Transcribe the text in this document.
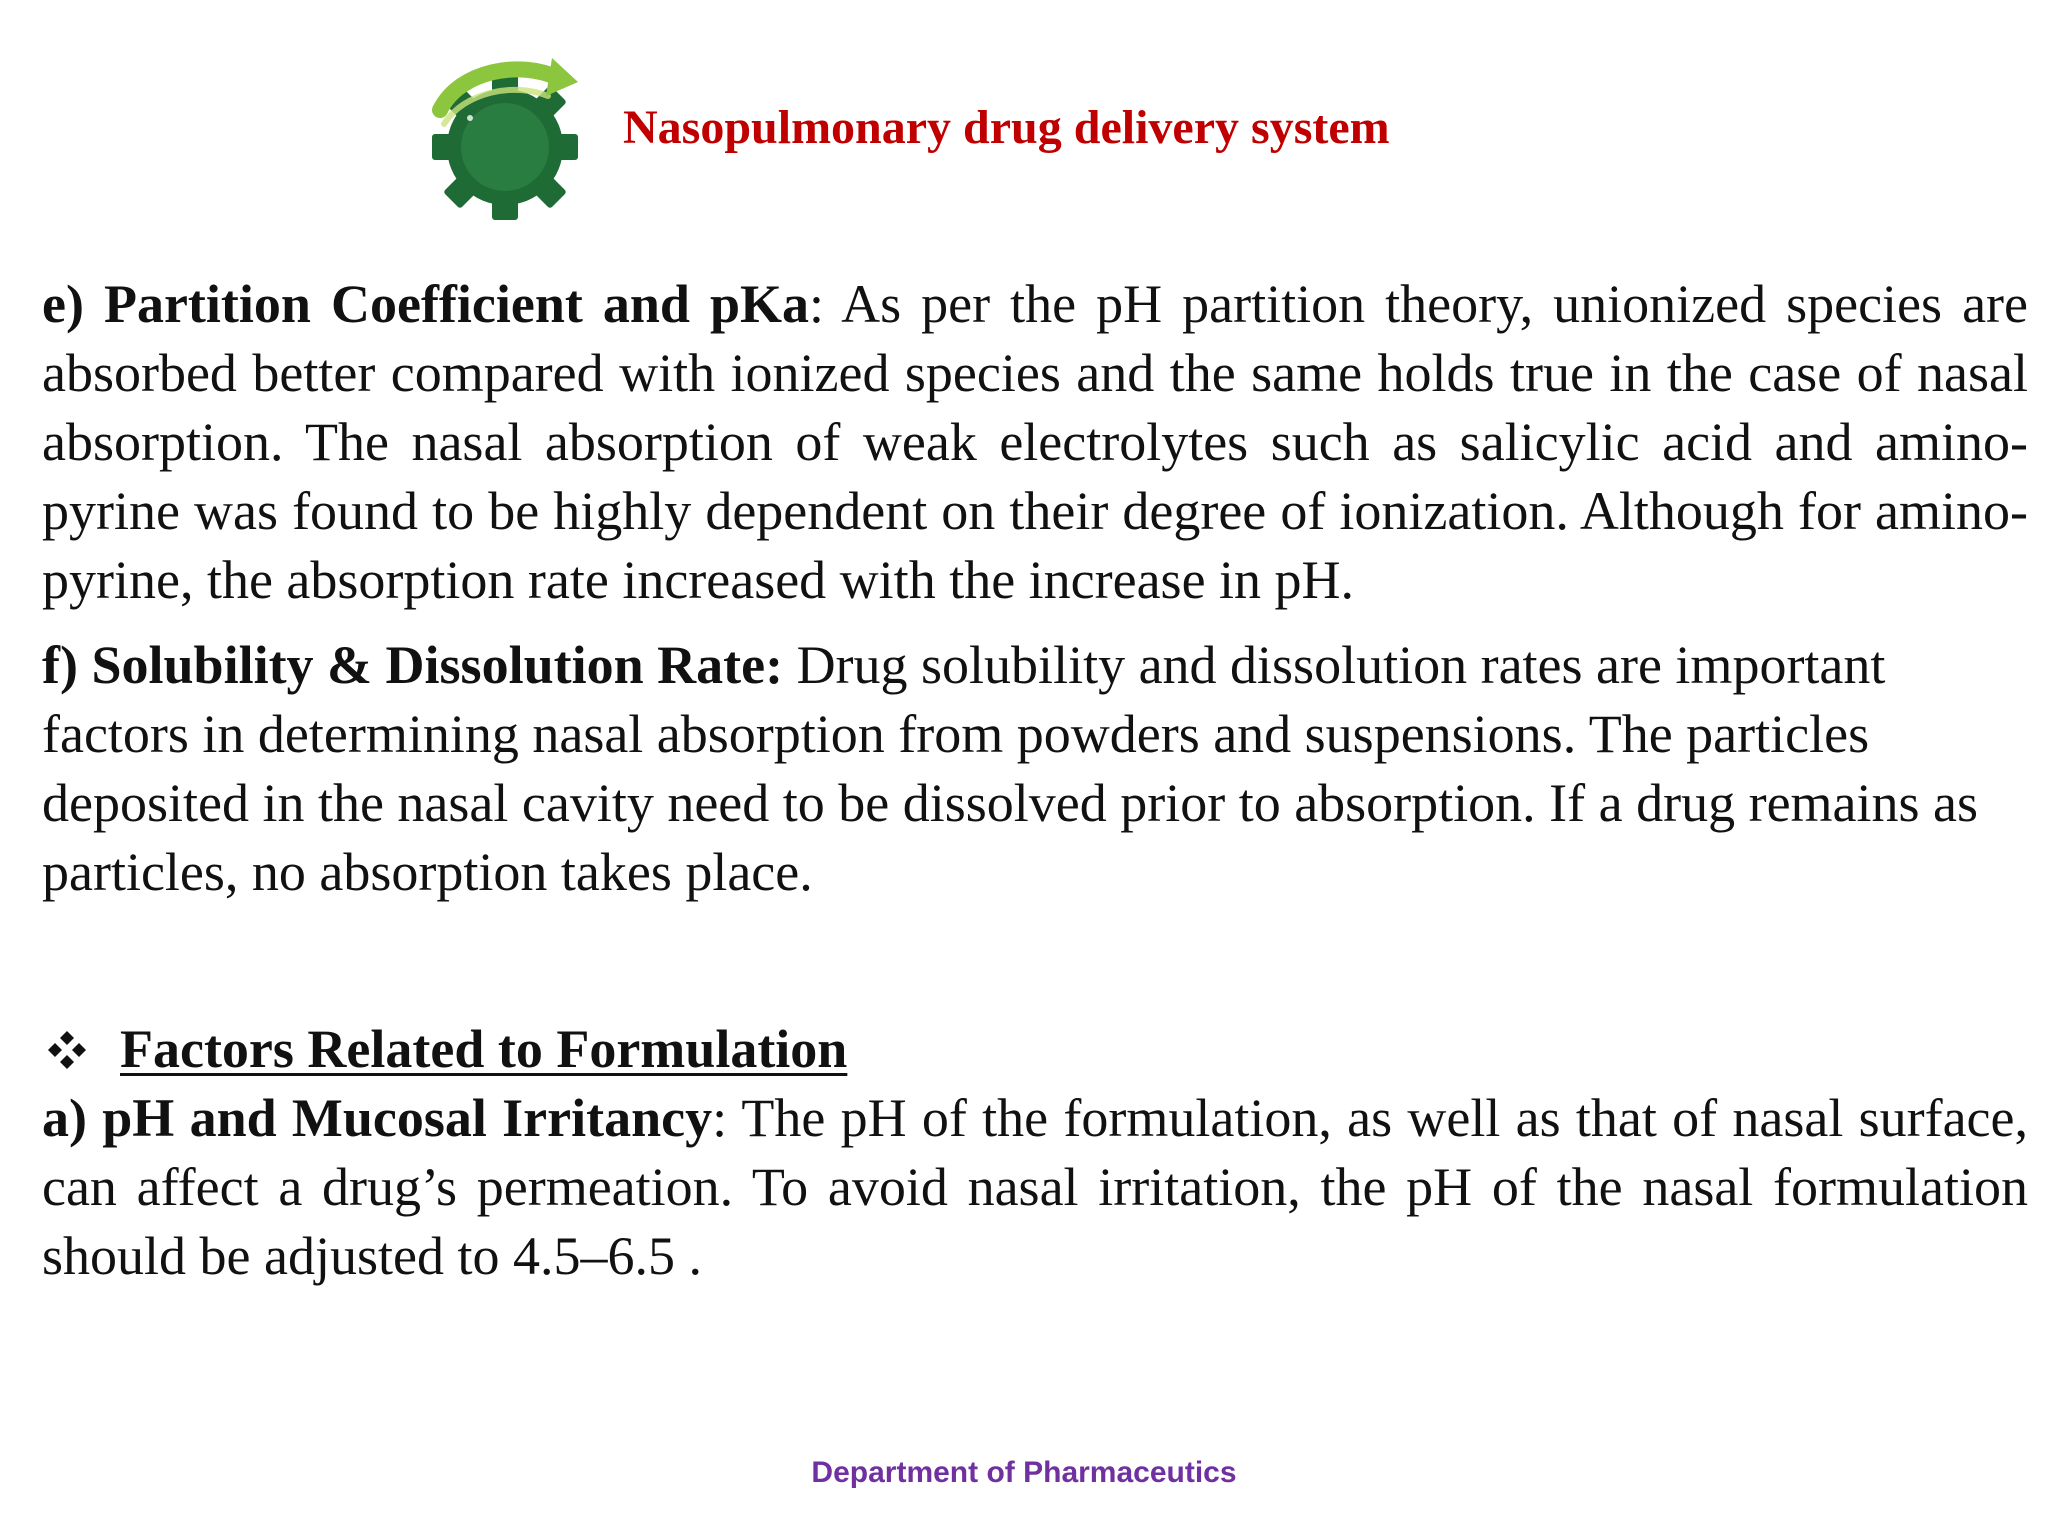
Nasopulmonary drug delivery system

e) Partition Coefficient and pKa: As per the pH partition theory, unionized species are absorbed better compared with ionized species and the same holds true in the case of nasal absorption. The nasal absorption of weak electrolytes such as salicylic acid and amino-pyrine was found to be highly dependent on their degree of ionization. Although for amino-pyrine, the absorption rate increased with the increase in pH.

f) Solubility & Dissolution Rate: Drug solubility and dissolution rates are important factors in determining nasal absorption from powders and suspensions. The particles deposited in the nasal cavity need to be dissolved prior to absorption. If a drug remains as particles, no absorption takes place.

Factors Related to Formulation

a) pH and Mucosal Irritancy: The pH of the formulation, as well as that of nasal surface, can affect a drug’s permeation. To avoid nasal irritation, the pH of the nasal formulation should be adjusted to 4.5–6.5 .

Department of Pharmaceutics
